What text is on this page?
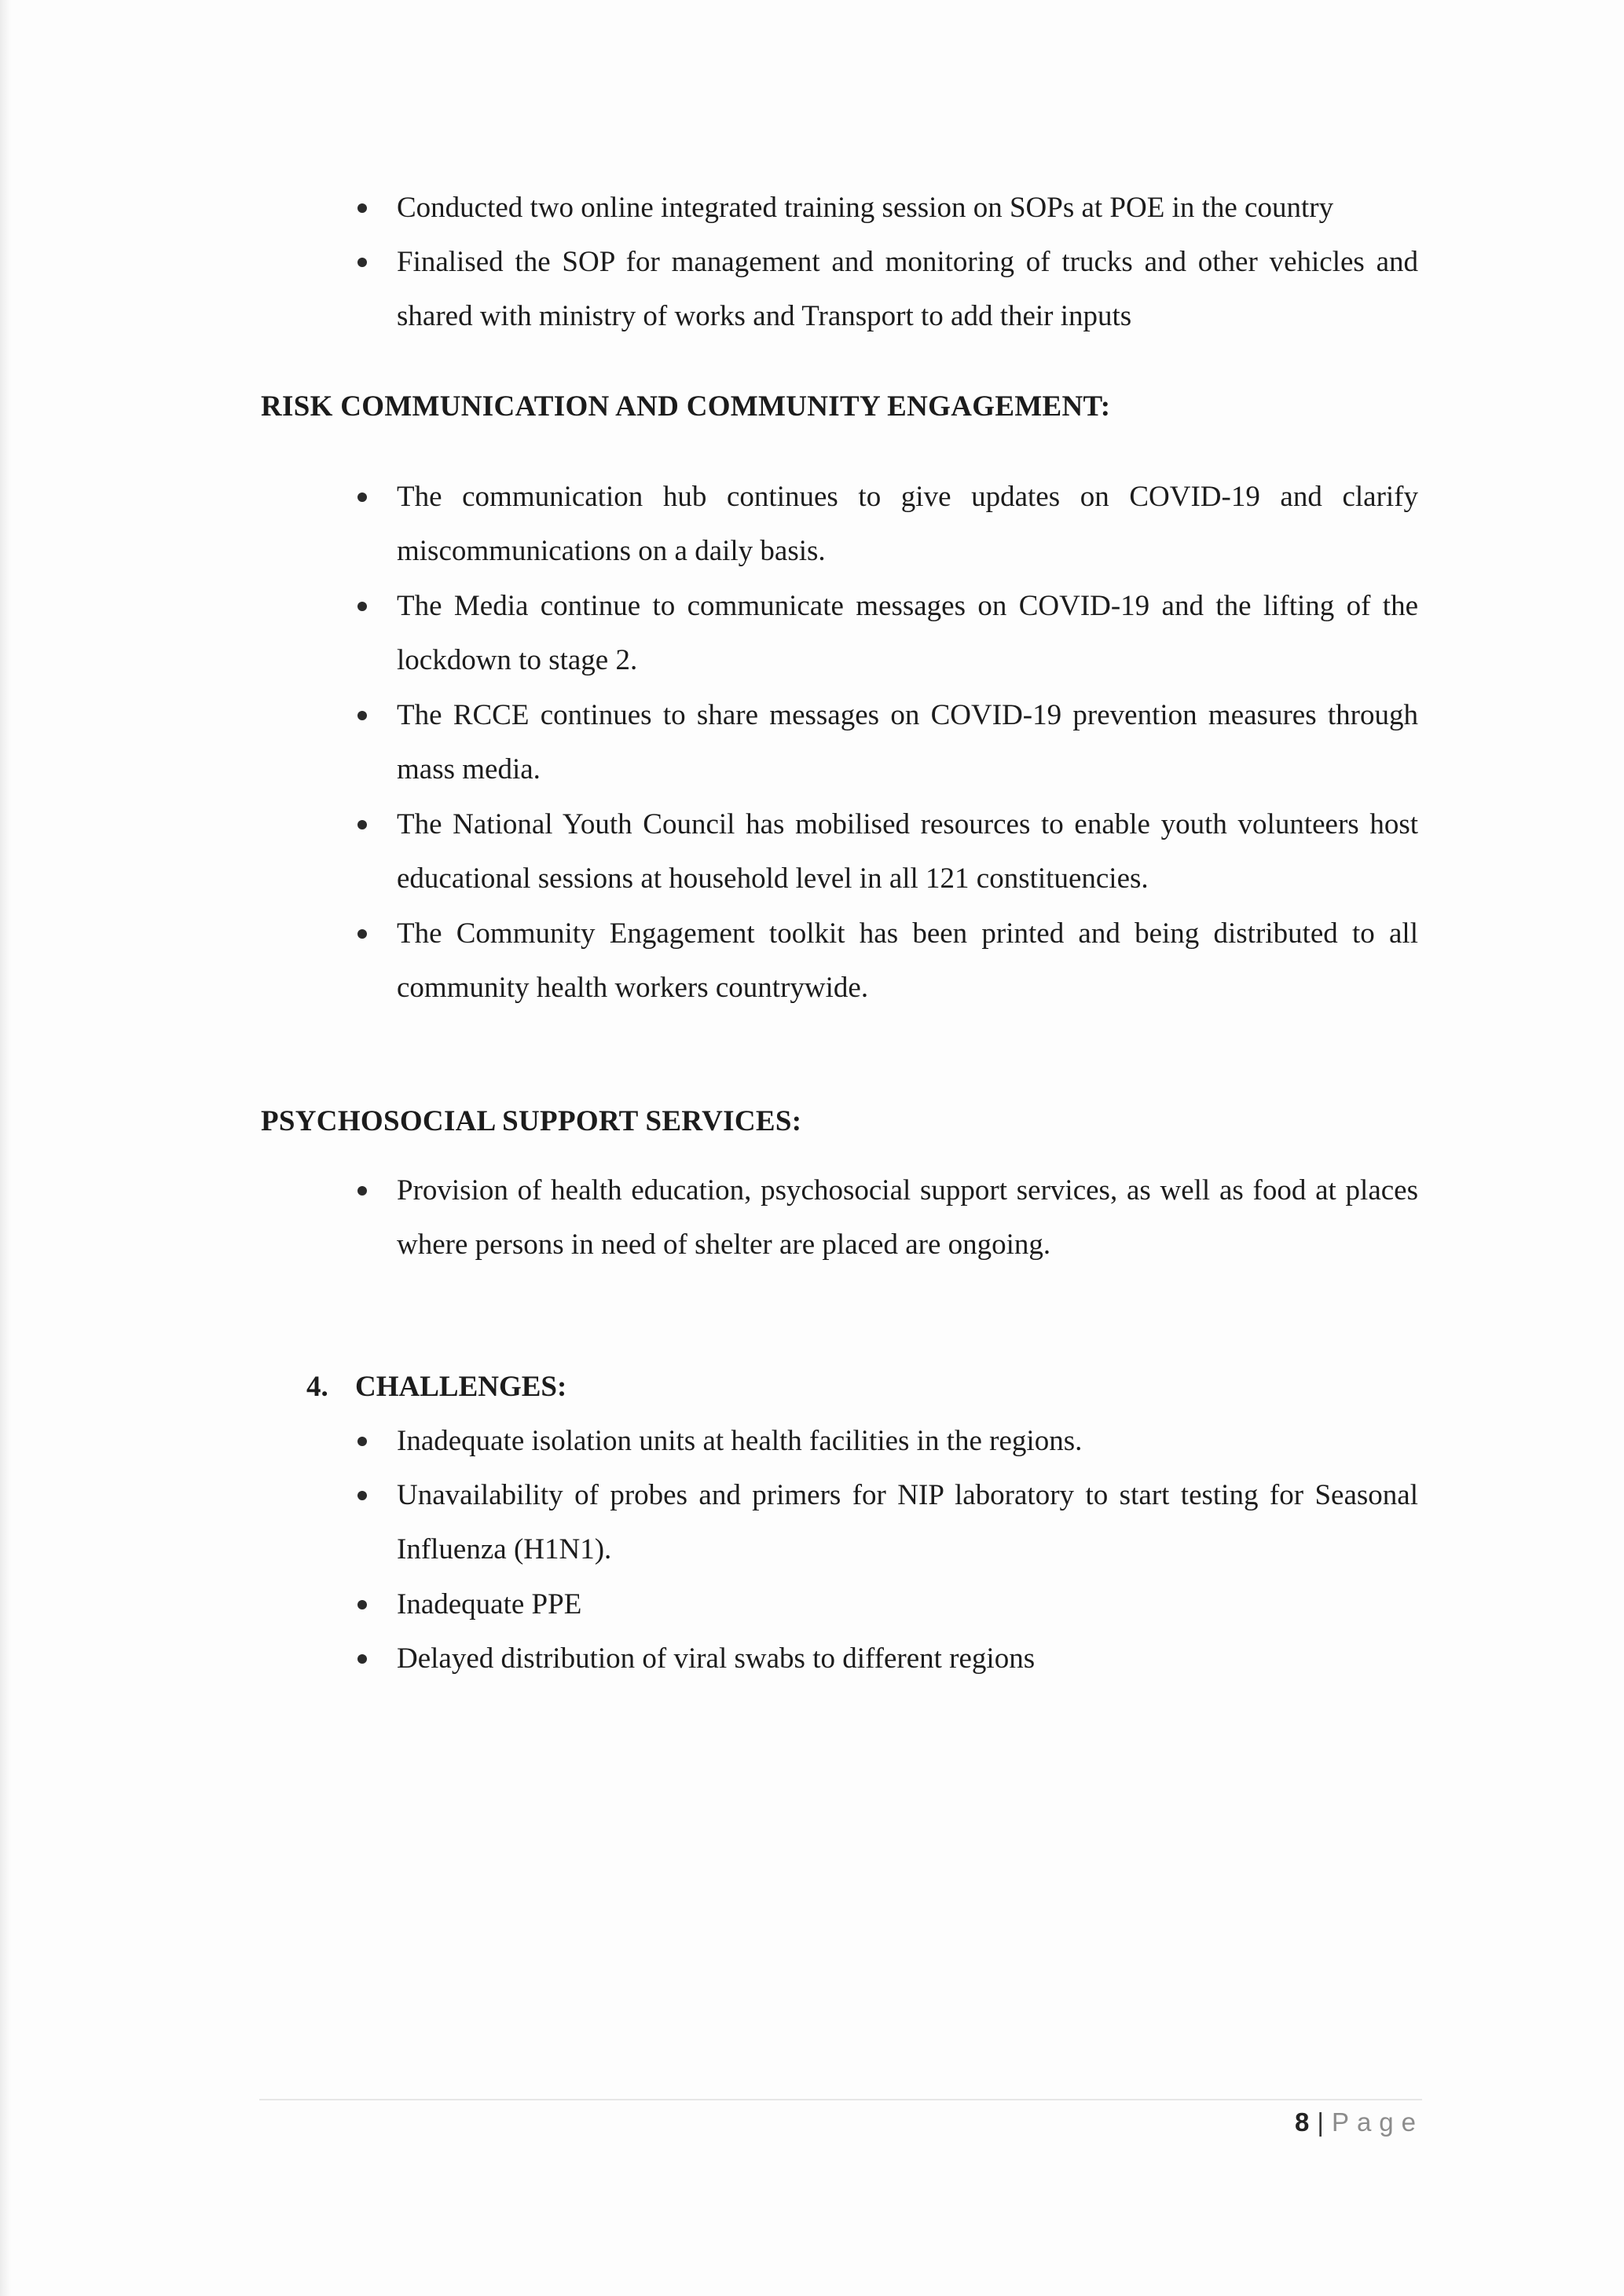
Conducted two online integrated training session on SOPs at POE in the country
Finalised the SOP for management and monitoring of trucks and other vehicles and shared with ministry of works and Transport to add their inputs
RISK COMMUNICATION AND COMMUNITY ENGAGEMENT:
The communication hub continues to give updates on COVID-19 and clarify miscommunications on a daily basis.
The Media continue to communicate messages on COVID-19 and the lifting of the lockdown to stage 2.
The RCCE continues to share messages on COVID-19 prevention measures through mass media.
The National Youth Council has mobilised resources to enable youth volunteers host educational sessions at household level in all 121 constituencies.
The Community Engagement toolkit has been printed and being distributed to all community health workers countrywide.
PSYCHOSOCIAL SUPPORT SERVICES:
Provision of health education, psychosocial support services, as well as food at places where persons in need of shelter are placed are ongoing.
4. CHALLENGES:
Inadequate isolation units at health facilities in the regions.
Unavailability of probes and primers for NIP laboratory to start testing for Seasonal Influenza (H1N1).
Inadequate PPE
Delayed distribution of viral swabs to different regions
8 | Page
